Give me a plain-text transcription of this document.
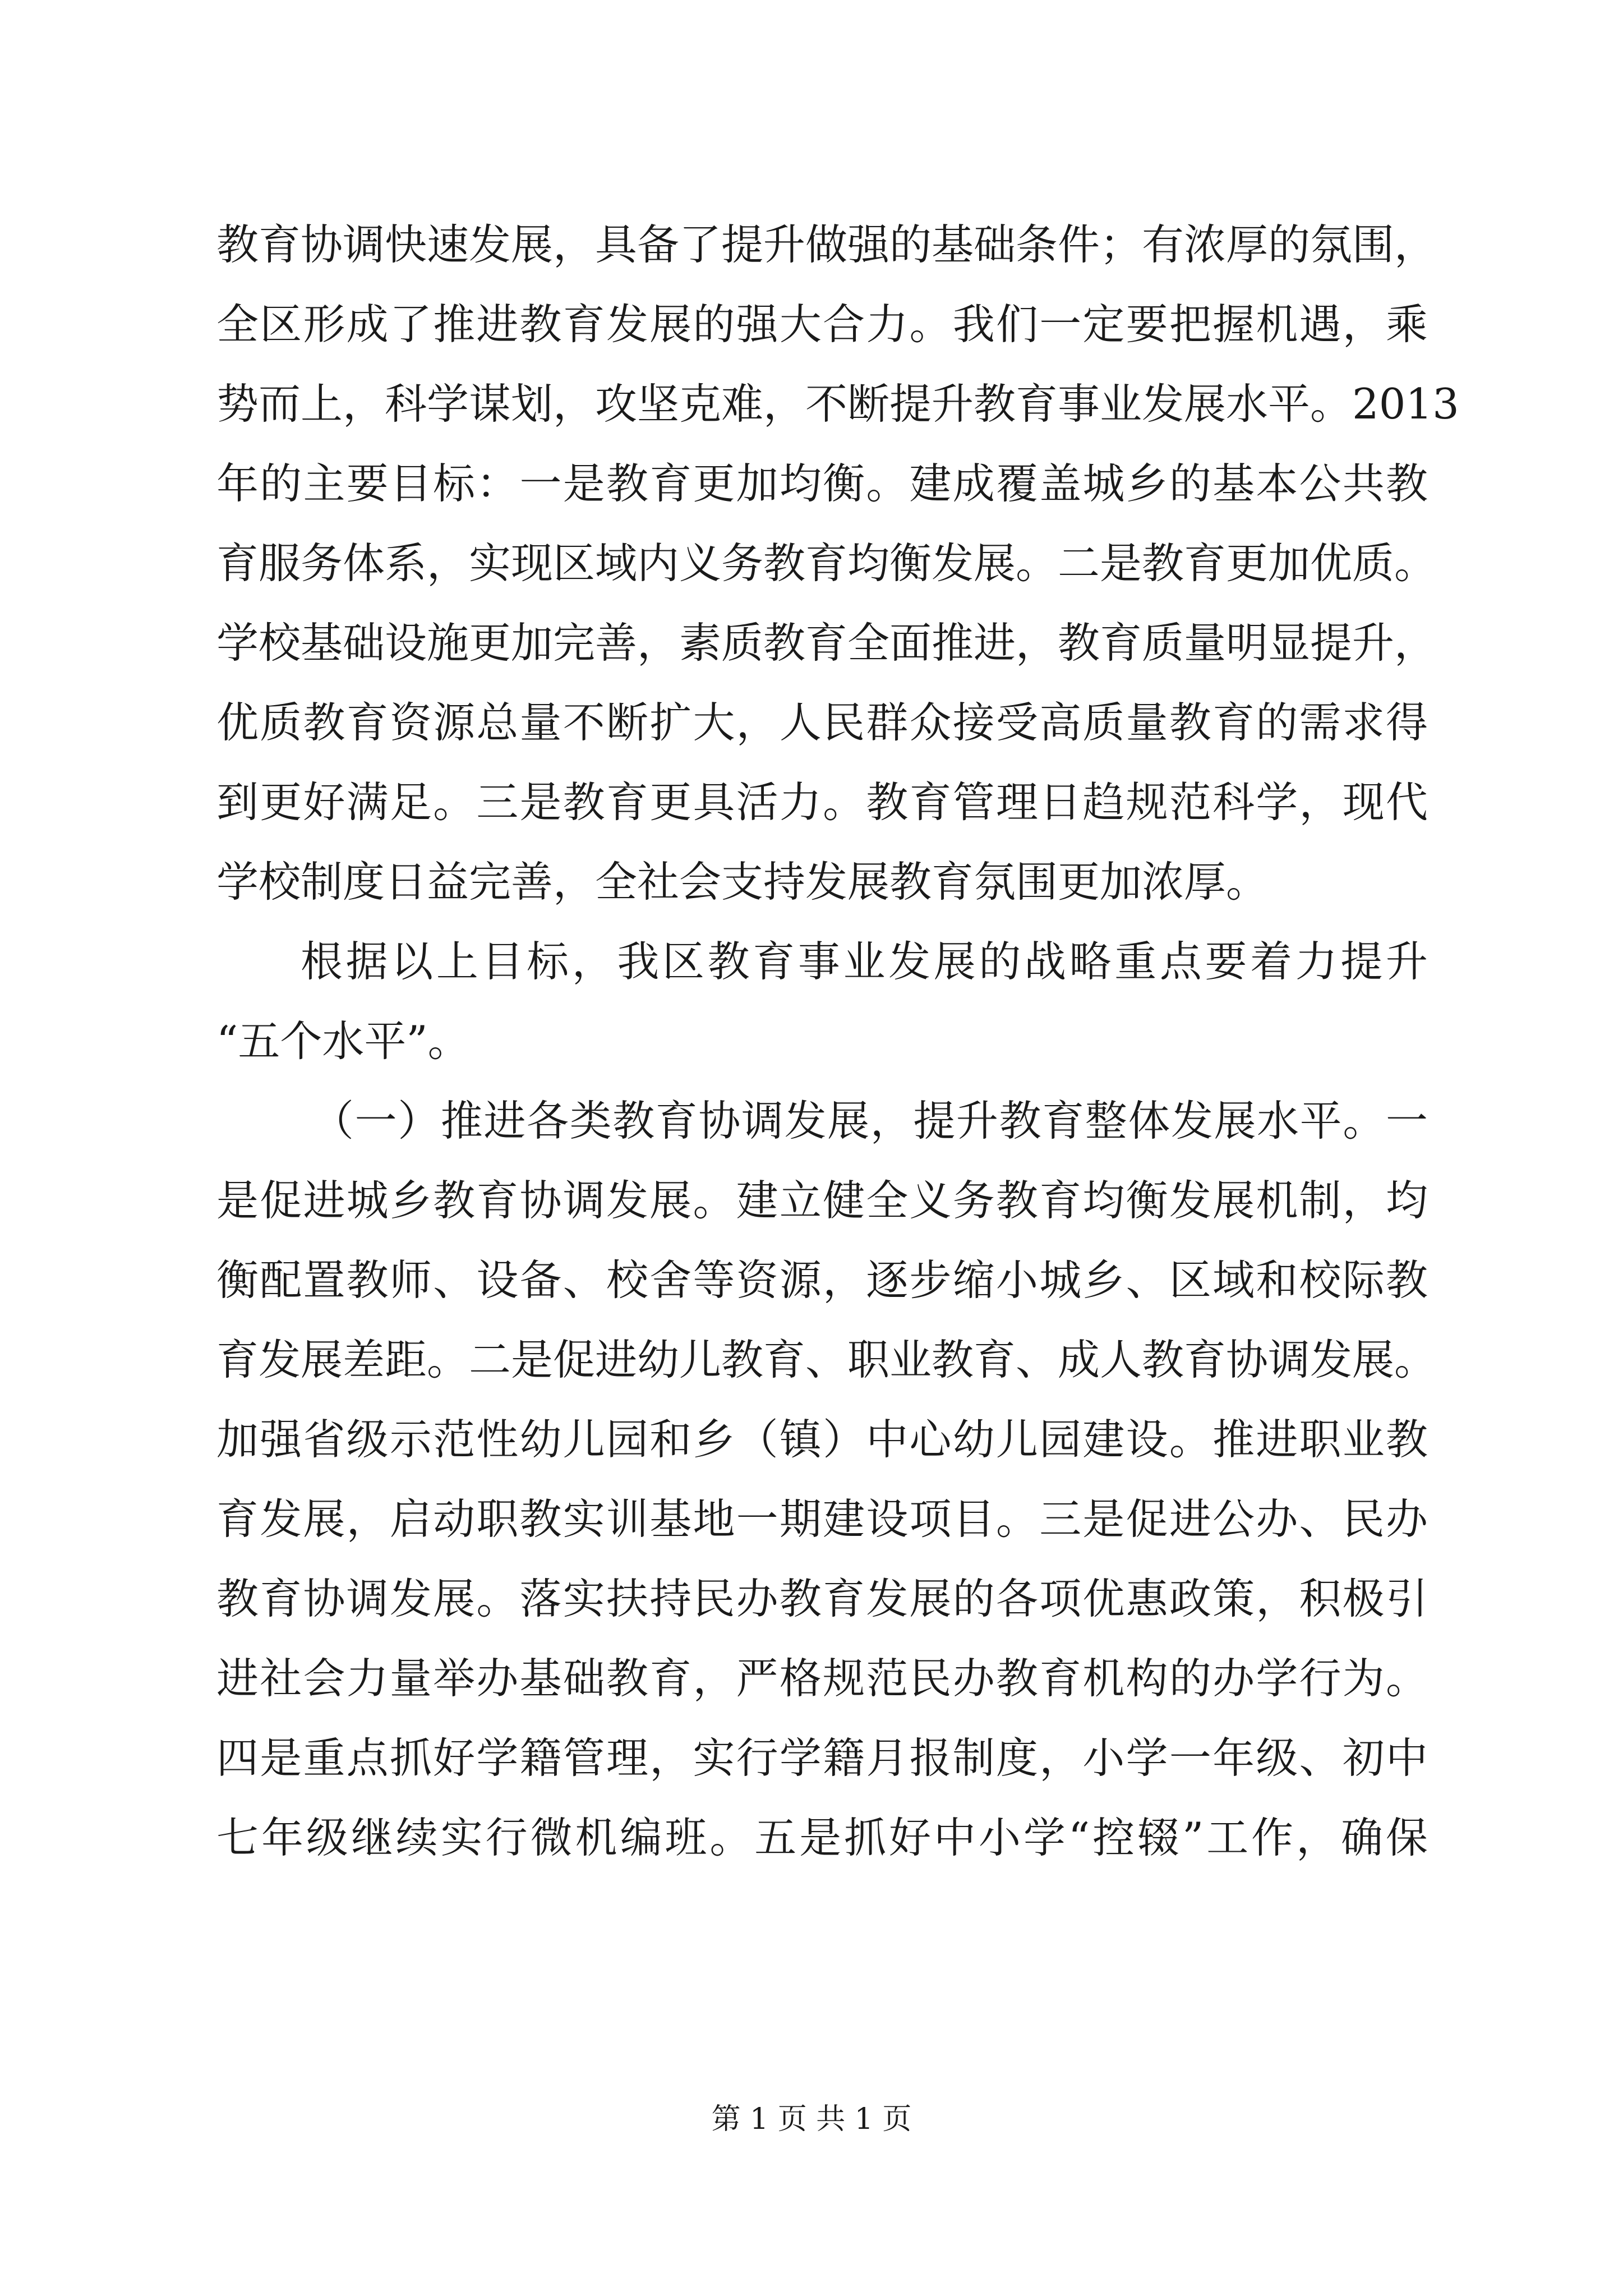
教育协调快速发展，具备了提升做强的基础条件；有浓厚的氛围，
全区形成了推进教育发展的强大合力。我们一定要把握机遇，乘
势而上，科学谋划，攻坚克难，不断提升教育事业发展水平。2013
年的主要目标：一是教育更加均衡。建成覆盖城乡的基本公共教
育服务体系，实现区域内义务教育均衡发展。二是教育更加优质。
学校基础设施更加完善，素质教育全面推进，教育质量明显提升，
优质教育资源总量不断扩大，人民群众接受高质量教育的需求得
到更好满足。三是教育更具活力。教育管理日趋规范科学，现代
学校制度日益完善，全社会支持发展教育氛围更加浓厚。
根据以上目标，我区教育事业发展的战略重点要着力提升
“五个水平”。
（一）推进各类教育协调发展，提升教育整体发展水平。一
是促进城乡教育协调发展。建立健全义务教育均衡发展机制，均
衡配置教师、设备、校舍等资源，逐步缩小城乡、区域和校际教
育发展差距。二是促进幼儿教育、职业教育、成人教育协调发展。
加强省级示范性幼儿园和乡（镇）中心幼儿园建设。推进职业教
育发展，启动职教实训基地一期建设项目。三是促进公办、民办
教育协调发展。落实扶持民办教育发展的各项优惠政策，积极引
进社会力量举办基础教育，严格规范民办教育机构的办学行为。
四是重点抓好学籍管理，实行学籍月报制度，小学一年级、初中
七年级继续实行微机编班。五是抓好中小学“控辍”工作，确保
第 1 页 共 1 页
